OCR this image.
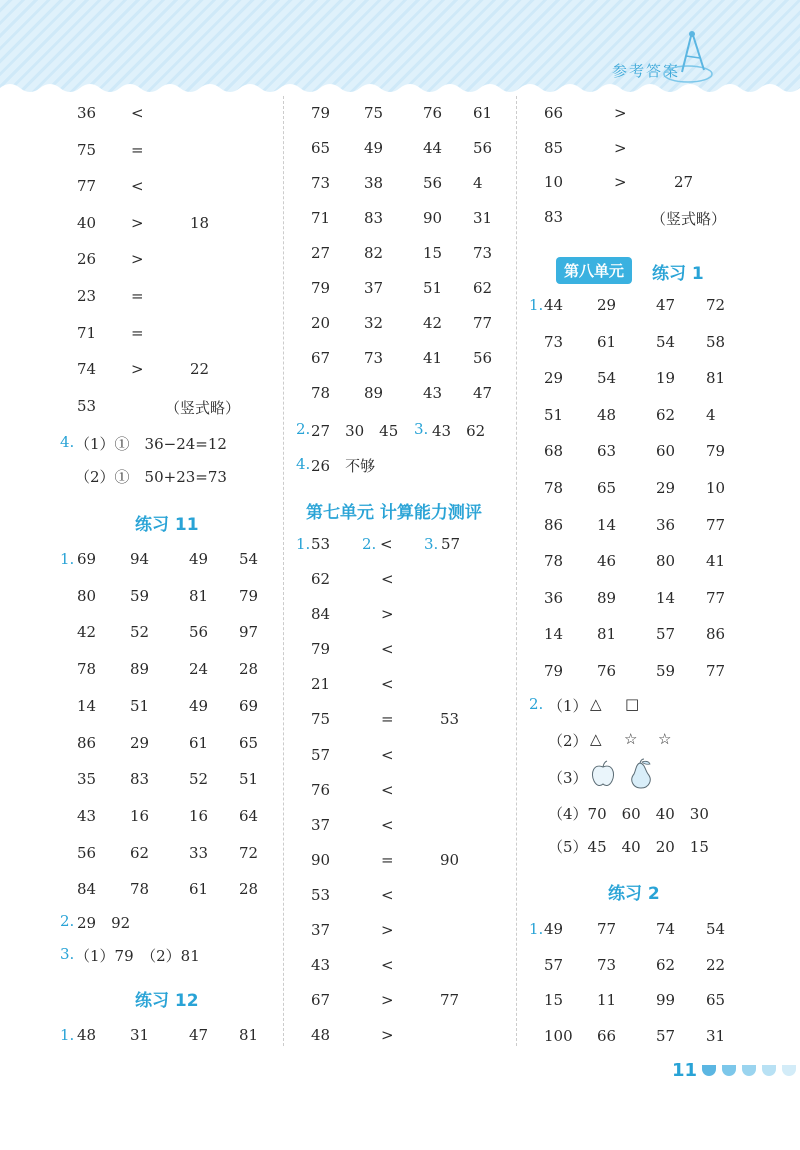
参考答案
36 <
75 =
77 <
40 >	18
26 >
23 =
71 =
74 >	22
53	（竖式略）
4. （1）①　36−24=12
（2）①　50+23=73
练习 11
1. 69 94	49 54
80 59	81 79
42 52	56 97
78 89	24 28
14 51	49 69
86 29	61 65
35 83	52 51
43 16	16 64
56 62	33 72
84 78	61 28
2. 29　92
3. （1）79　（2）81
练习 12
1. 48 31	47 81
79 75	76 61
65 49	44 56
73 38	56 4
71 83	90 31
27 82	15 73
79 37	51 62
20 32	42 77
67 73	41 56
78 89	43 47
2. 27　30　45 3. 43　62
4. 26　不够
第七单元 计算能力测评
1. 53 2. < 3. 57
62	<
84	>
79	<
21	<
75	=	53
57	<
76	<
37	<
90	=	90
53	<
37	>
43	<
67	>	77
48	>
66	>
85	>
10	>	27
83	（竖式略）
第八单元	练习 1
1. 44 29	47 72
73 61	54 58
29 54	19 81
51 48	62 4
68 63	60 79
78 65	29 10
86 14	36 77
78 46	80 41
36 89	14 77
14 81	57 86
79 76	59 77
2. （1） △ □
（2） △ ☆ ☆
（3）
（4）70　60　40　30
（5）45　40　20　15
练习 2
1. 49 77	74 54
57 73	62 22
15 11	99 65
100 66	57 31
11
